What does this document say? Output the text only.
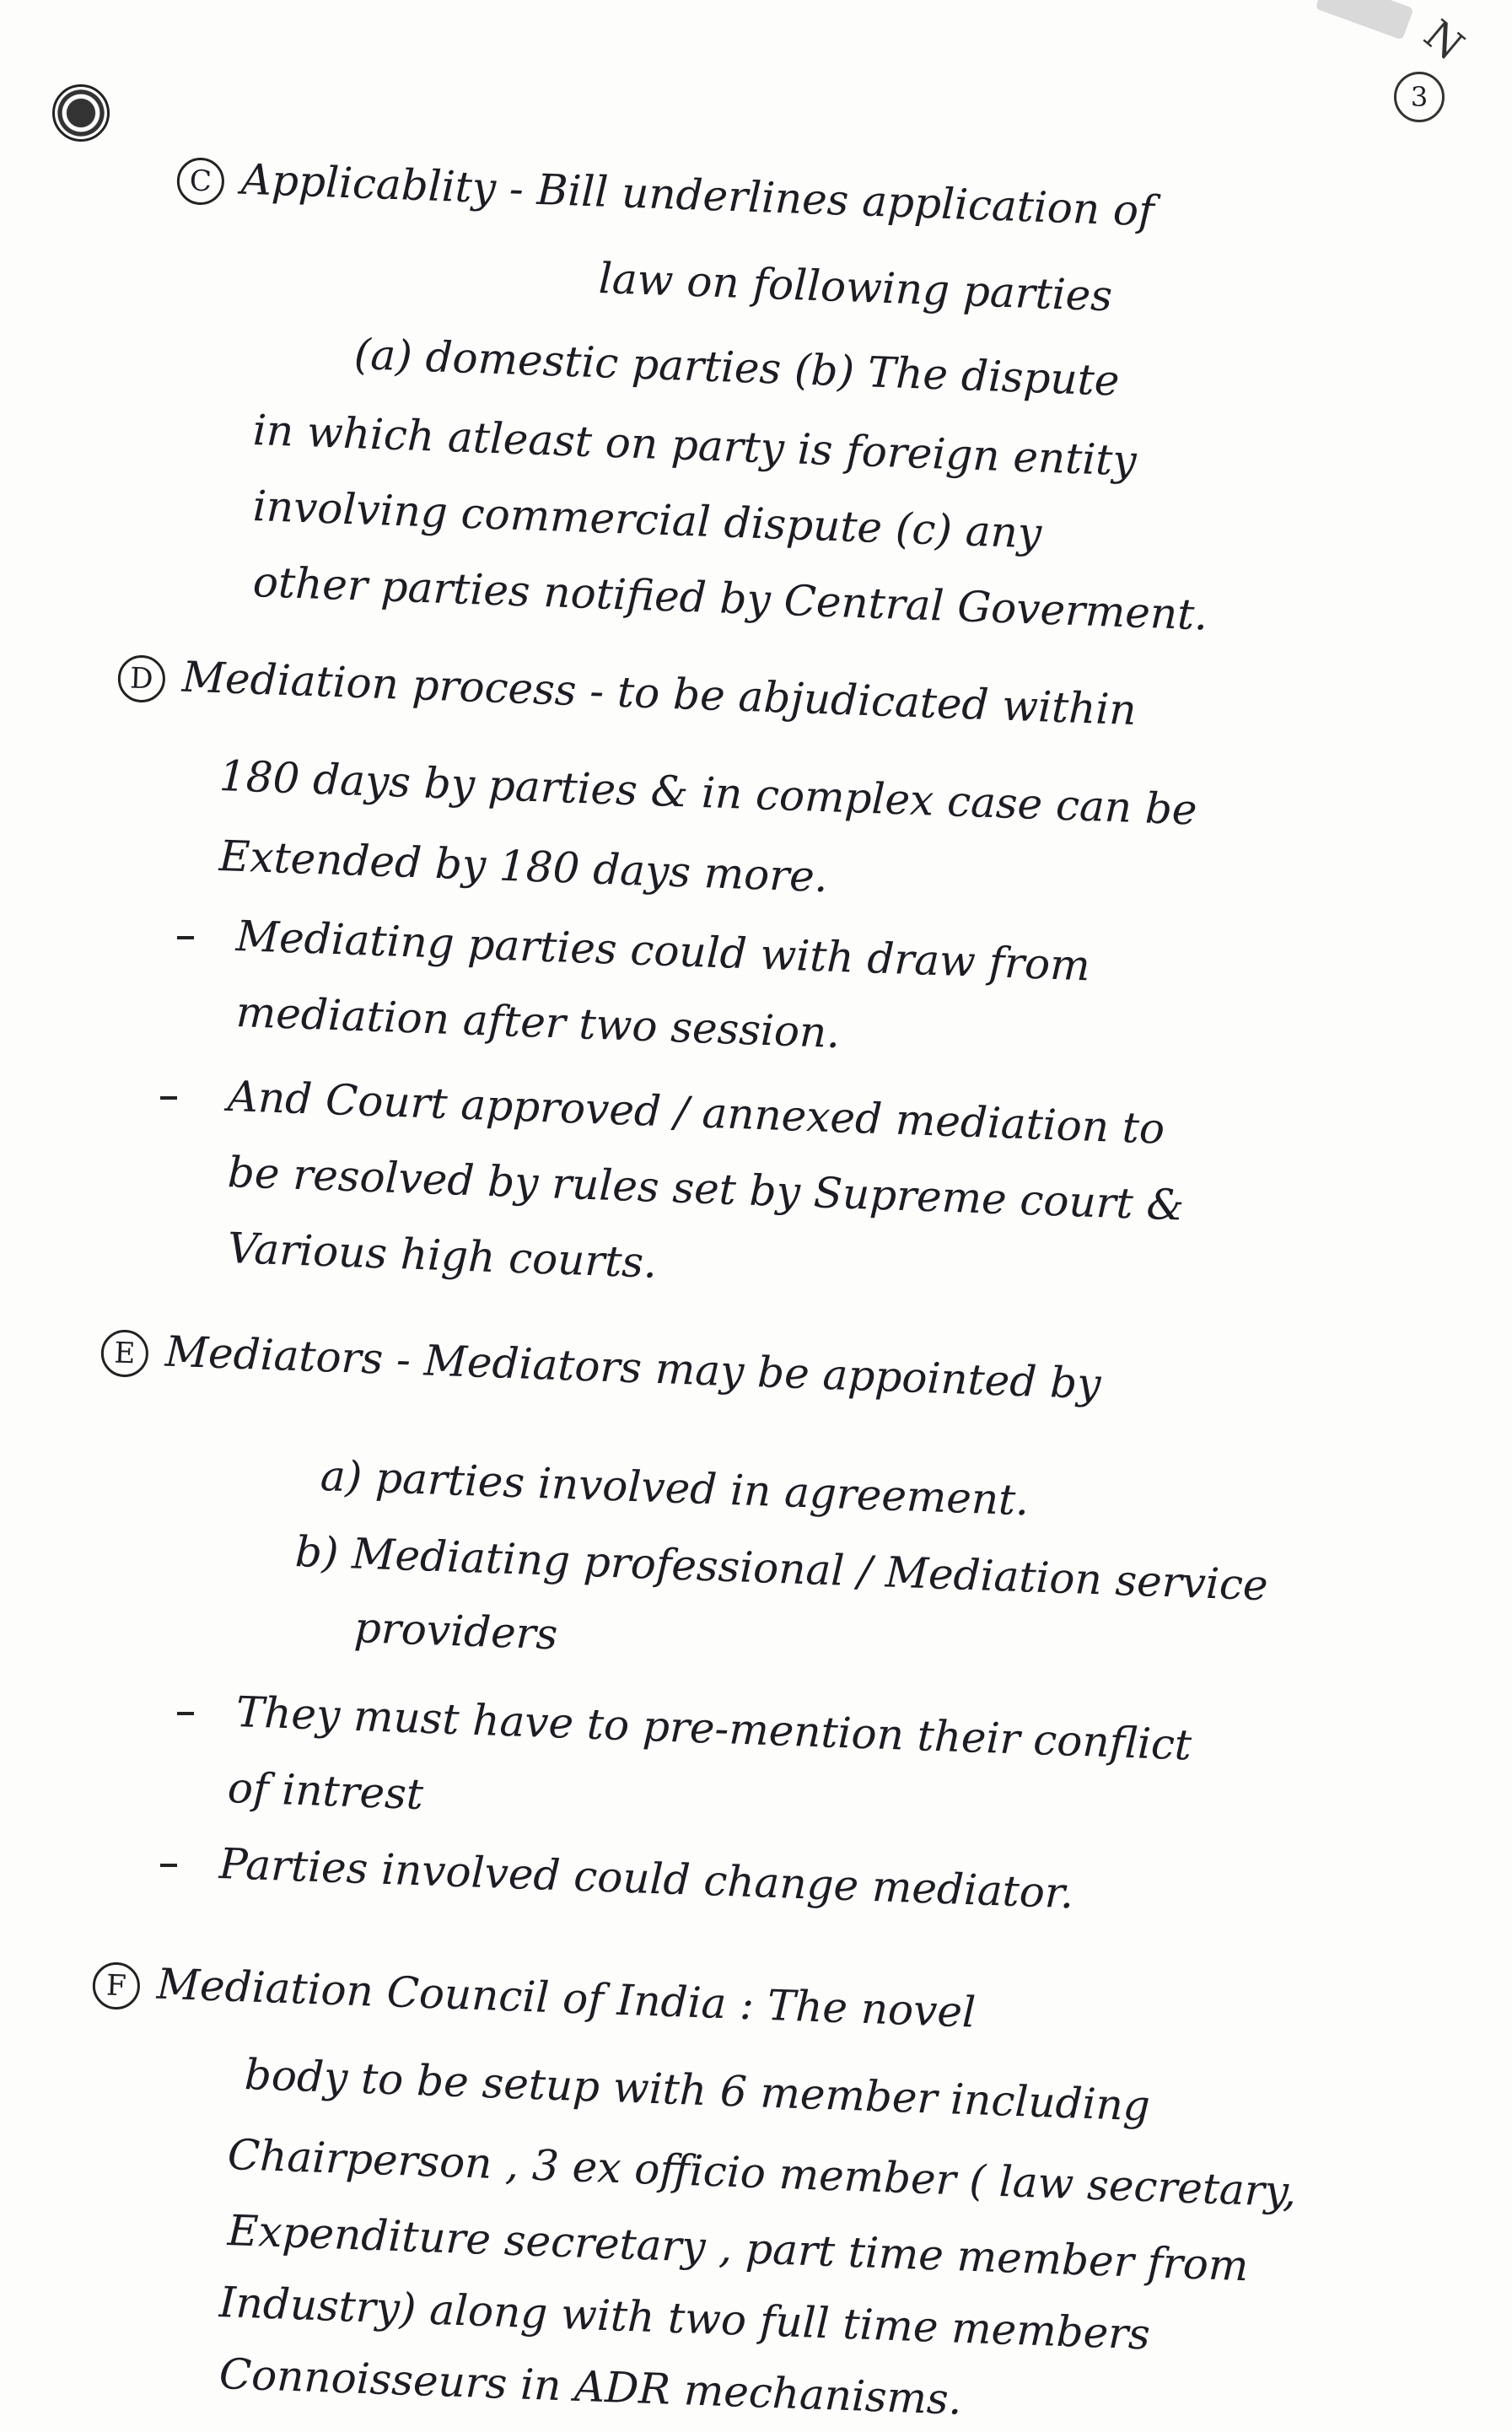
N
3
C Applicablity - Bill underlines application of
law on following parties
(a) domestic parties (b) The dispute
in which atleast on party is foreign entity
involving commercial dispute (c) any
other parties notified by Central Goverment.
D Mediation process - to be abjudicated within
180 days by parties & in complex case can be
Extended by 180 days more.
Mediating parties could with draw from
mediation after two session.
And Court approved / annexed mediation to
be resolved by rules set by Supreme court &
Various high courts.
E Mediators - Mediators may be appointed by
a) parties involved in agreement.
b) Mediating professional / Mediation service
providers
They must have to pre-mention their conflict
of intrest
Parties involved could change mediator.
F Mediation Council of India : The novel
body to be setup with 6 member including
Chairperson , 3 ex officio member ( law secretary,
Expenditure secretary , part time member from
Industry) along with two full time members
Connoisseurs in ADR mechanisms.
